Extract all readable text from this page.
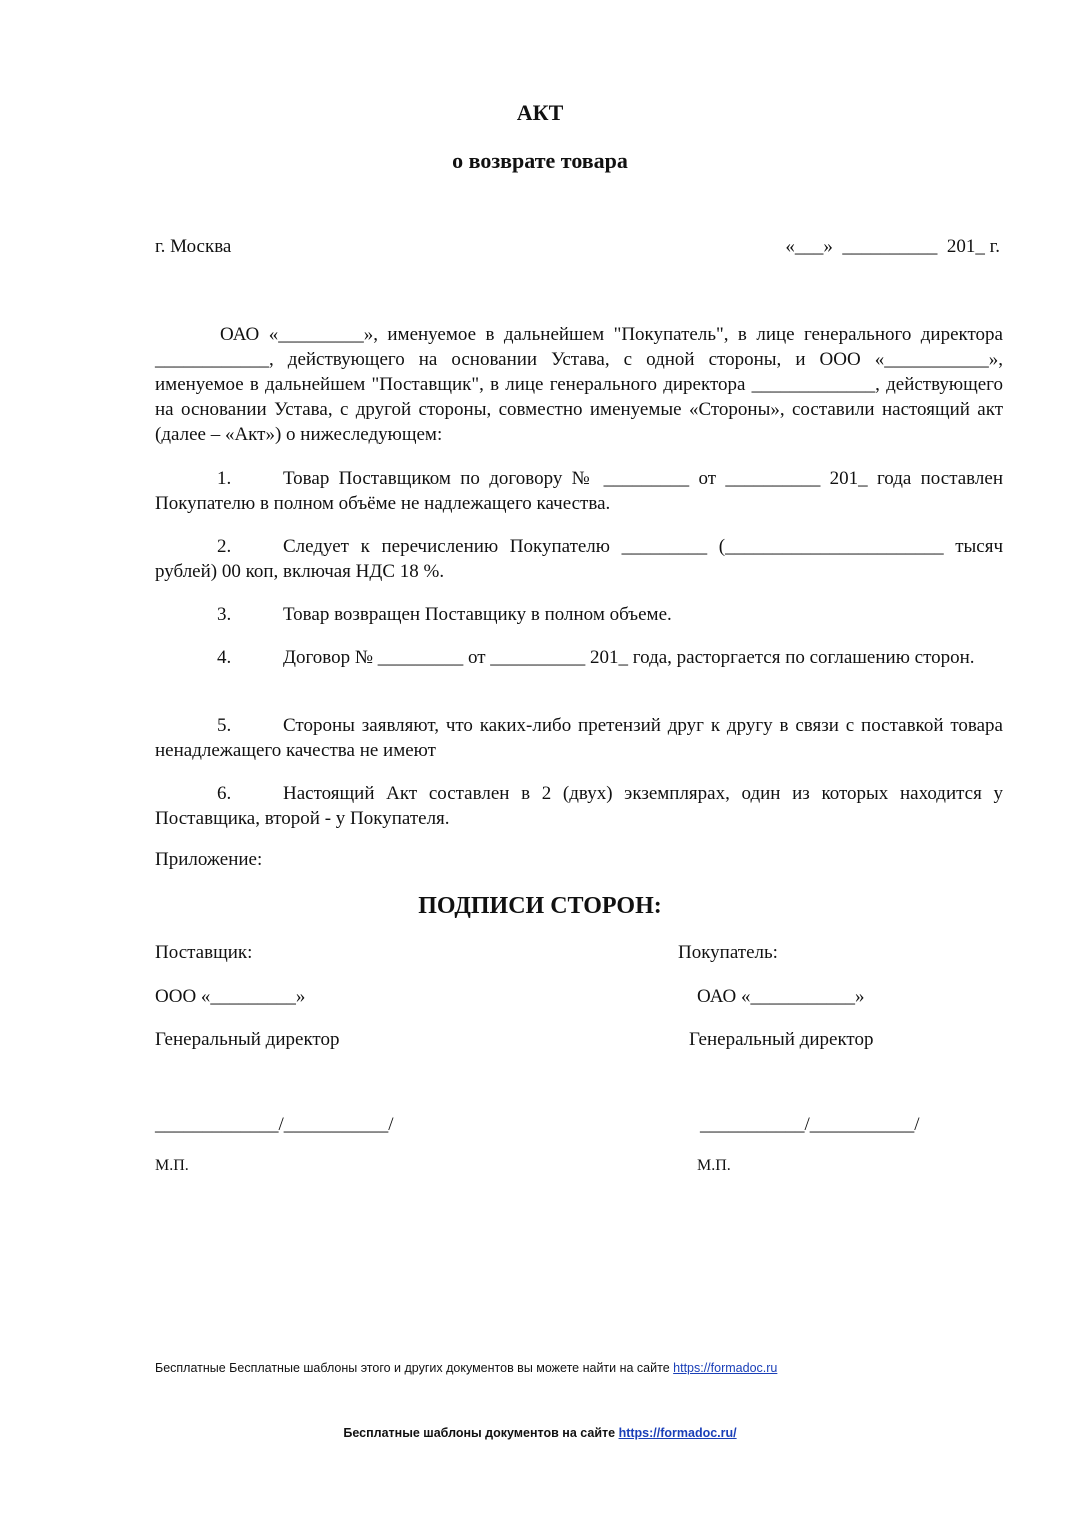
АКТ
о возврате товара
г. Москва	«___»  __________  201_ г.
ОАО «_________», именуемое в дальнейшем "Покупатель", в лице генерального директора ____________, действующего на основании Устава, с одной стороны, и ООО «___________», именуемое в дальнейшем "Поставщик", в лице генерального директора _____________, действующего на основании Устава, с другой стороны, совместно именуемые «Стороны», составили настоящий акт (далее – «Акт») о нижеследующем:
1.	Товар Поставщиком по договору № _________ от __________ 201_ года поставлен Покупателю в полном объёме не надлежащего качества.
2.	Следует к перечислению Покупателю _________ (_______________________ тысяч рублей) 00 коп, включая НДС 18 %.
3.	Товар возвращен Поставщику в полном объеме.
4.	Договор № _________ от __________ 201_ года, расторгается по соглашению сторон.
5.	Стороны заявляют, что каких-либо претензий друг к другу в связи с поставкой товара ненадлежащего качества не имеют
6.	Настоящий Акт составлен в 2 (двух) экземплярах, один из которых находится у Поставщика, второй - у Покупателя.
Приложение:
ПОДПИСИ СТОРОН:
Поставщик:	Покупатель:
ООО «_________»	ОАО «___________»
Генеральный директор	Генеральный директор
_____________/___________/	___________/___________/
М.П.	М.П.
Бесплатные Бесплатные шаблоны этого и других документов вы можете найти на сайте https://formadoc.ru
Бесплатные шаблоны документов на сайте https://formadoc.ru/
